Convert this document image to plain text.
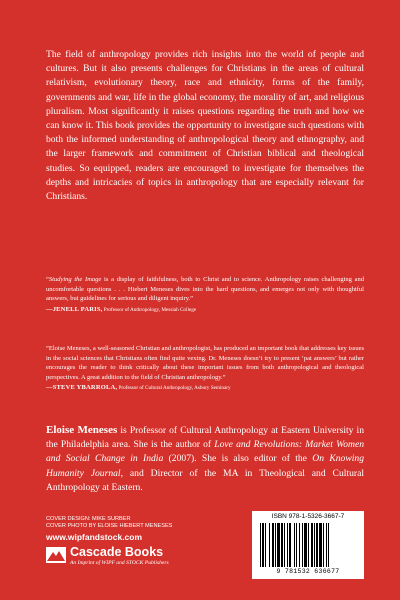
The field of anthropology provides rich insights into the world of people and cultures. But it also presents challenges for Christians in the areas of cultural relativism, evolutionary theory, race and ethnicity, forms of the family, governments and war, life in the global economy, the morality of art, and religious pluralism. Most significantly it raises questions regarding the truth and how we can know it. This book provides the opportunity to investigate such questions with both the informed understanding of anthropological theory and ethnography, and the larger framework and commitment of Christian biblical and theological studies. So equipped, readers are encouraged to investigate for themselves the depths and intricacies of topics in anthropology that are especially relevant for Christians.

“Studying the Image is a display of faithfulness, both to Christ and to science. Anthropology raises challenging and uncomfortable questions . . . Hiebert Meneses dives into the hard questions, and emerges not only with thoughtful answers, but guidelines for serious and diligent inquiry.”
—JENELL PARIS, Professor of Anthropology, Messiah College

“Eloise Meneses, a well-seasoned Christian and anthropologist, has produced an important book that addresses key issues in the social sciences that Christians often find quite vexing. Dr. Meneses doesn’t try to present ‘pat answers’ but rather encourages the reader to think critically about these important issues from both anthropological and theological perspectives. A great addition to the field of Christian anthropology.”
—STEVE YBARROLA, Professor of Cultural Anthropology, Asbury Seminary

Eloise Meneses is Professor of Cultural Anthropology at Eastern University in the Philadelphia area. She is the author of Love and Revolutions: Market Women and Social Change in India (2007). She is also editor of the On Knowing Humanity Journal, and Director of the MA in Theological and Cultural Anthropology at Eastern.

COVER DESIGN: MIKE SURBER
COVER PHOTO BY ELOISE HIEBERT MENESES
www.wipfandstock.com
Cascade Books
An Imprint of WIPF and STOCK Publishers
ISBN 978-1-5326-3667-7
9 781532 636677
